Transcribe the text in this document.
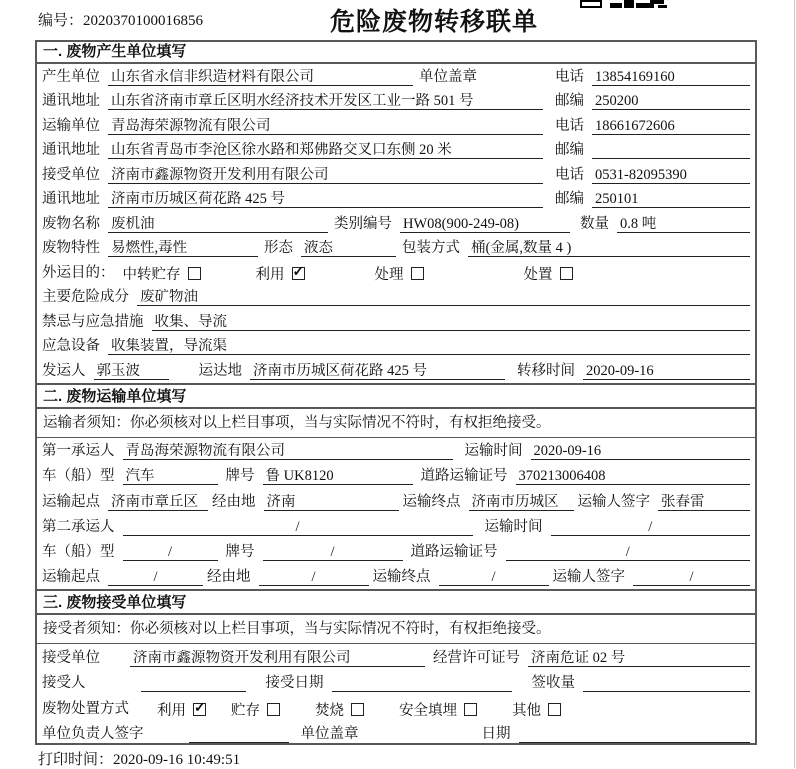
编号：2020370100016856	危险废物转移联单
一. 废物产生单位填写
产生单位 山东省永信非织造材料有限公司	单位盖章	电话 13854169160
通讯地址 山东省济南市章丘区明水经济技术开发区工业一路 501 号	邮编 250200
运输单位 青岛海荣源物流有限公司	电话 18661672606
通讯地址 山东省青岛市李沧区徐水路和郑佛路交叉口东侧 20 米	邮编
接受单位 济南市鑫源物资开发利用有限公司	电话 0531-82095390
通讯地址 济南市历城区荷花路 425 号	邮编 250101
废物名称 废机油	类别编号 HW08(900-249-08)	数量 0.8 吨
废物特性 易燃性,毒性	形态 液态	包装方式 桶(金属,数量 4 )
外运目的： 中转贮存	利用 ✓	处理	处置
主要危险成分 废矿物油
禁忌与应急措施 收集、导流
应急设备 收集装置，导流渠
发运人 郭玉波	运达地 济南市历城区荷花路 425 号	转移时间 2020-09-16
二. 废物运输单位填写
运输者须知：你必须核对以上栏目事项，当与实际情况不符时，有权拒绝接受。
第一承运人 青岛海荣源物流有限公司	运输时间 2020-09-16
车（船）型 汽车	牌号 鲁 UK8120	道路运输证号 370213006408
运输起点 济南市章丘区 经由地 济南	运输终点 济南市历城区	运输人签字 张春雷
第二承运人	/	运输时间	/
车（船）型	/	牌号	/	道路运输证号	/
运输起点	/	经由地	/	运输终点	/	运输人签字	/
三. 废物接受单位填写
接受者须知：你必须核对以上栏目事项，当与实际情况不符时，有权拒绝接受。
接受单位 济南市鑫源物资开发利用有限公司	经营许可证号 济南危证 02 号
接受人	接受日期	签收量
废物处置方式 利用 ✓	贮存	焚烧	安全填埋	其他
单位负责人签字	单位盖章	日期
打印时间：2020-09-16 10:49:51
